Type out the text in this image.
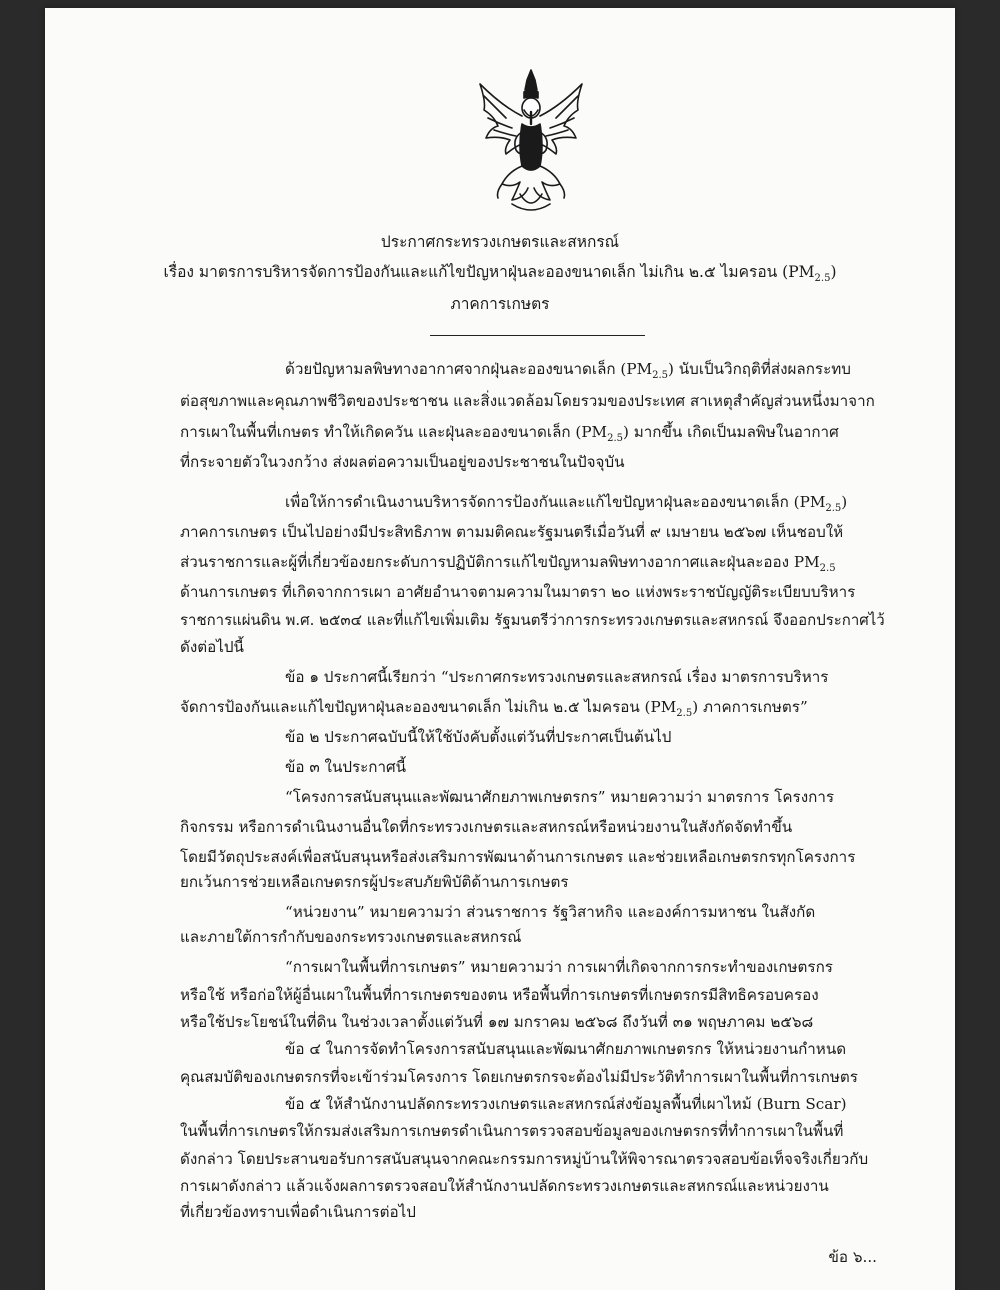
ประกาศกระทรวงเกษตรและสหกรณ์
เรื่อง มาตรการบริหารจัดการป้องกันและแก้ไขปัญหาฝุ่นละอองขนาดเล็ก ไม่เกิน ๒.๕ ไมครอน $(PM_{2.5})$
ภาคการเกษตร
ด้วยปัญหามลพิษทางอากาศจากฝุ่นละอองขนาดเล็ก $(PM_{2.5})$ นับเป็นวิกฤติที่ส่งผลกระทบ
ต่อสุขภาพและคุณภาพชีวิตของประชาชน และสิ่งแวดล้อมโดยรวมของประเทศ สาเหตุสำคัญส่วนหนึ่งมาจาก
การเผาในพื้นที่เกษตร ทำให้เกิดควัน และฝุ่นละอองขนาดเล็ก $(PM_{2.5})$ มากขึ้น เกิดเป็นมลพิษในอากาศ
ที่กระจายตัวในวงกว้าง ส่งผลต่อความเป็นอยู่ของประชาชนในปัจจุบัน
เพื่อให้การดำเนินงานบริหารจัดการป้องกันและแก้ไขปัญหาฝุ่นละอองขนาดเล็ก $(PM_{2.5})$
ภาคการเกษตร เป็นไปอย่างมีประสิทธิภาพ ตามมติคณะรัฐมนตรีเมื่อวันที่ ๙ เมษายน ๒๕๖๗ เห็นชอบให้
ส่วนราชการและผู้ที่เกี่ยวข้องยกระดับการปฏิบัติการแก้ไขปัญหามลพิษทางอากาศและฝุ่นละออง $PM_{2.5}$
ด้านการเกษตร ที่เกิดจากการเผา อาศัยอำนาจตามความในมาตรา ๒๐ แห่งพระราชบัญญัติระเบียบบริหาร
ราชการแผ่นดิน พ.ศ. ๒๕๓๔ และที่แก้ไขเพิ่มเติม รัฐมนตรีว่าการกระทรวงเกษตรและสหกรณ์ จึงออกประกาศไว้
ดังต่อไปนี้
ข้อ ๑ ประกาศนี้เรียกว่า “ประกาศกระทรวงเกษตรและสหกรณ์ เรื่อง มาตรการบริหาร
จัดการป้องกันและแก้ไขปัญหาฝุ่นละอองขนาดเล็ก ไม่เกิน ๒.๕ ไมครอน $(PM_{2.5})$ ภาคการเกษตร”
ข้อ ๒ ประกาศฉบับนี้ให้ใช้บังคับตั้งแต่วันที่ประกาศเป็นต้นไป
ข้อ ๓ ในประกาศนี้
“โครงการสนับสนุนและพัฒนาศักยภาพเกษตรกร” หมายความว่า มาตรการ โครงการ
กิจกรรม หรือการดำเนินงานอื่นใดที่กระทรวงเกษตรและสหกรณ์หรือหน่วยงานในสังกัดจัดทำขึ้น
โดยมีวัตถุประสงค์เพื่อสนับสนุนหรือส่งเสริมการพัฒนาด้านการเกษตร และช่วยเหลือเกษตรกรทุกโครงการ
ยกเว้นการช่วยเหลือเกษตรกรผู้ประสบภัยพิบัติด้านการเกษตร
“หน่วยงาน” หมายความว่า ส่วนราชการ รัฐวิสาหกิจ และองค์การมหาชน ในสังกัด
และภายใต้การกำกับของกระทรวงเกษตรและสหกรณ์
“การเผาในพื้นที่การเกษตร” หมายความว่า การเผาที่เกิดจากการกระทำของเกษตรกร
หรือใช้ หรือก่อให้ผู้อื่นเผาในพื้นที่การเกษตรของตน หรือพื้นที่การเกษตรที่เกษตรกรมีสิทธิครอบครอง
หรือใช้ประโยชน์ในที่ดิน ในช่วงเวลาตั้งแต่วันที่ ๑๗ มกราคม ๒๕๖๘ ถึงวันที่ ๓๑ พฤษภาคม ๒๕๖๘
ข้อ ๔ ในการจัดทำโครงการสนับสนุนและพัฒนาศักยภาพเกษตรกร ให้หน่วยงานกำหนด
คุณสมบัติของเกษตรกรที่จะเข้าร่วมโครงการ โดยเกษตรกรจะต้องไม่มีประวัติทำการเผาในพื้นที่การเกษตร
ข้อ ๕ ให้สำนักงานปลัดกระทรวงเกษตรและสหกรณ์ส่งข้อมูลพื้นที่เผาไหม้ (Burn Scar)
ในพื้นที่การเกษตรให้กรมส่งเสริมการเกษตรดำเนินการตรวจสอบข้อมูลของเกษตรกรที่ทำการเผาในพื้นที่
ดังกล่าว โดยประสานขอรับการสนับสนุนจากคณะกรรมการหมู่บ้านให้พิจารณาตรวจสอบข้อเท็จจริงเกี่ยวกับ
การเผาดังกล่าว แล้วแจ้งผลการตรวจสอบให้สำนักงานปลัดกระทรวงเกษตรและสหกรณ์และหน่วยงาน
ที่เกี่ยวข้องทราบเพื่อดำเนินการต่อไป
ข้อ ๖...
